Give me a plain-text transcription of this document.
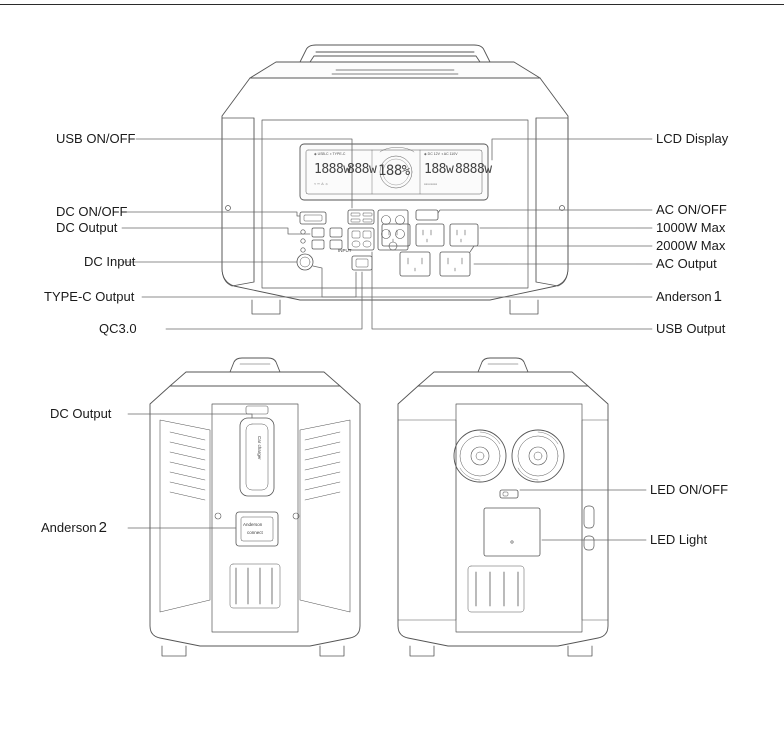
◈ USB-C ◑ TYPE-C	◈ DC 12V ◑ AC 110V
1888w
888w 188% 188w 8888w
⌁ ⎓ ⚠ ☼	▭▭▭▭
INPUT
Car charger
Anderson
connect
USB ON/OFF
DC ON/OFF
DC Output
DC Input
TYPE-C Output
QC3.0
LCD Display
AC ON/OFF
1000W Max
2000W Max
AC Output
Anderson 1
USB Output
DC Output
Anderson 2
LED ON/OFF
LED Light
